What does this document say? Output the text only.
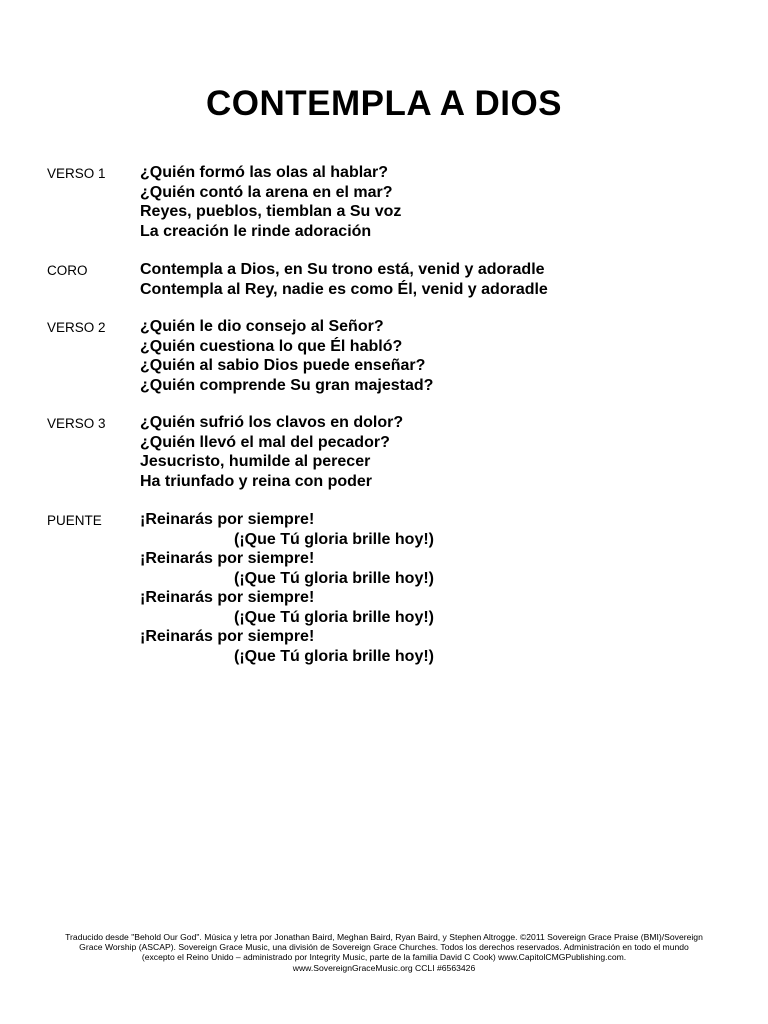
CONTEMPLA A DIOS
VERSO 1 ¿Quién formó las olas al hablar?
¿Quién contó la arena en el mar?
Reyes, pueblos, tiemblan a Su voz
La creación le rinde adoración
CORO	Contempla a Dios, en Su trono está, venid y adoradle
Contempla al Rey, nadie es como Él, venid y adoradle
VERSO 2 ¿Quién le dio consejo al Señor?
¿Quién cuestiona lo que Él habló?
¿Quién al sabio Dios puede enseñar?
¿Quién comprende Su gran majestad?
VERSO 3 ¿Quién sufrió los clavos en dolor?
¿Quién llevó el mal del pecador?
Jesucristo, humilde al perecer
Ha triunfado y reina con poder
PUENTE ¡Reinarás por siempre!
(¡Que Tú gloria brille hoy!)
¡Reinarás por siempre!
(¡Que Tú gloria brille hoy!)
¡Reinarás por siempre!
(¡Que Tú gloria brille hoy!)
¡Reinarás por siempre!
(¡Que Tú gloria brille hoy!)
Traducido desde "Behold Our God". Música y letra por Jonathan Baird, Meghan Baird, Ryan Baird, y Stephen Altrogge. ©2011 Sovereign Grace Praise (BMI)/Sovereign
Grace Worship (ASCAP). Sovereign Grace Music, una división de Sovereign Grace Churches. Todos los derechos reservados. Administración en todo el mundo
(excepto el Reino Unido – administrado por Integrity Music, parte de la familia David C Cook) www.CapitolCMGPublishing.com.
www.SovereignGraceMusic.org CCLI #6563426
